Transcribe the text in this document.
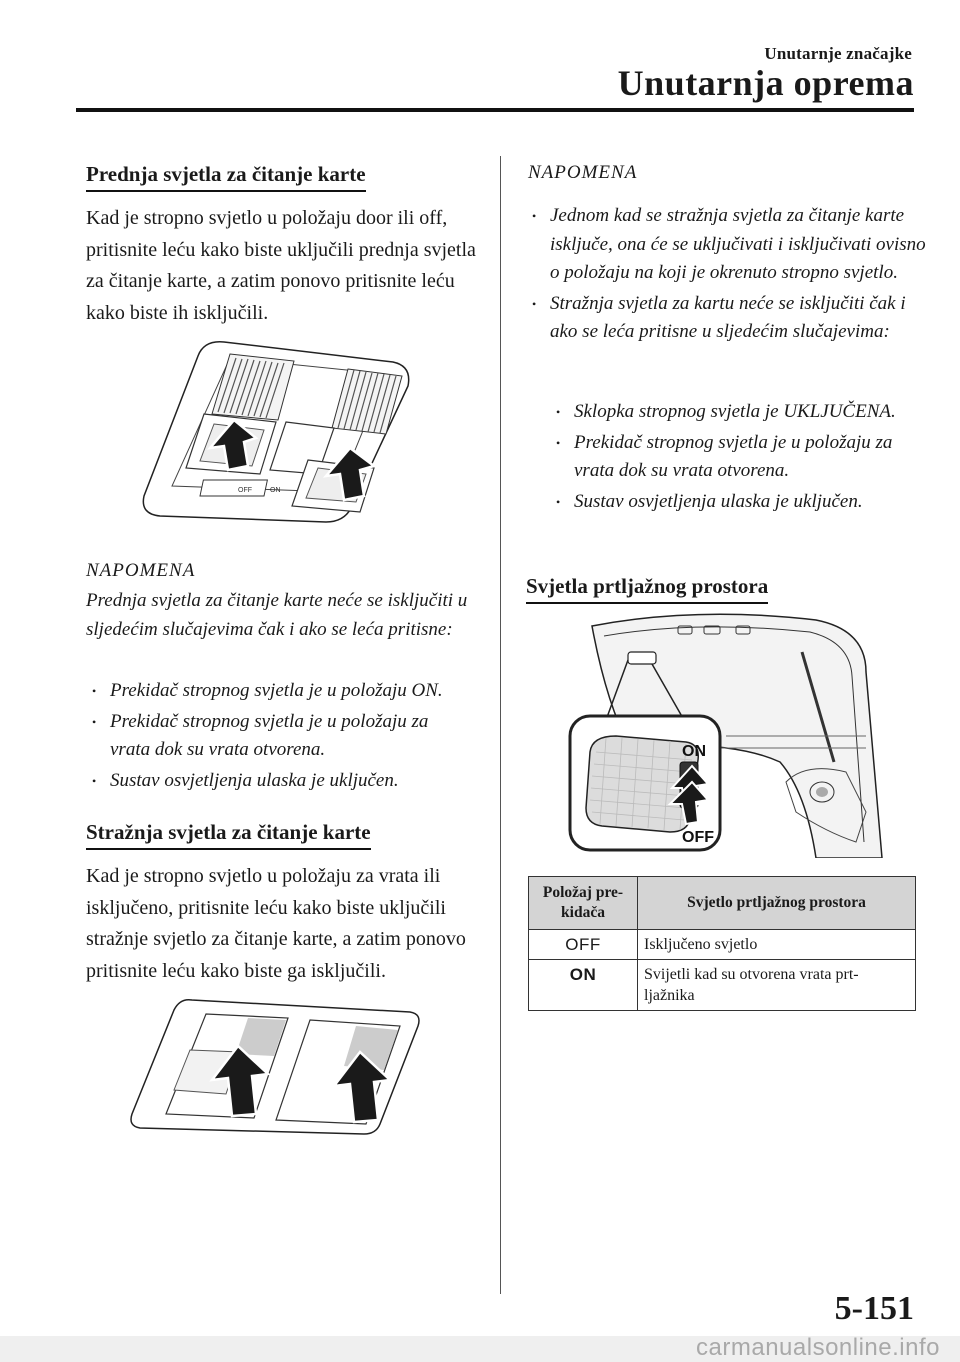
Unutarnje značajke
Unutarnja oprema
Prednja svjetla za čitanje karte
Kad je stropno svjetlo u položaju door ili off, pritisnite leću kako biste uključili prednja svjetla za čitanje karte, a zatim ponovo pritisnite leću kako biste ih isključili.
OFF	ON
NAPOMENA
Prednja svjetla za čitanje karte neće se isključiti u sljedećim slučajevima čak i ako se leća pritisne:
• Prekidač stropnog svjetla je u položaju ON.
• Prekidač stropnog svjetla je u položaju za vrata dok su vrata otvorena.
• Sustav osvjetljenja ulaska je uključen.
Stražnja svjetla za čitanje karte
Kad je stropno svjetlo u položaju za vrata ili isključeno, pritisnite leću kako biste uključili stražnje svjetlo za čitanje karte, a zatim ponovo pritisnite leću kako biste ga isključili.
NAPOMENA
• Jednom kad se stražnja svjetla za čitanje karte isključe, ona će se uključivati i isključivati ovisno o položaju na koji je okrenuto stropno svjetlo.
• Stražnja svjetla za kartu neće se isključiti čak i ako se leća pritisne u sljedećim slučajevima:
• Sklopka stropnog svjetla je UKLJUČENA.
• Prekidač stropnog svjetla je u položaju za vrata dok su vrata otvorena.
• Sustav osvjetljenja ulaska je uključen.
Svjetla prtljažnog prostora
ON
OFF
Položaj pre-kidača	Svjetlo prtljažnog prostora
OFF	Isključeno svjetlo
ON	Svijetli kad su otvorena vrata prt-ljažnika
5-151
carmanualsonline.info
